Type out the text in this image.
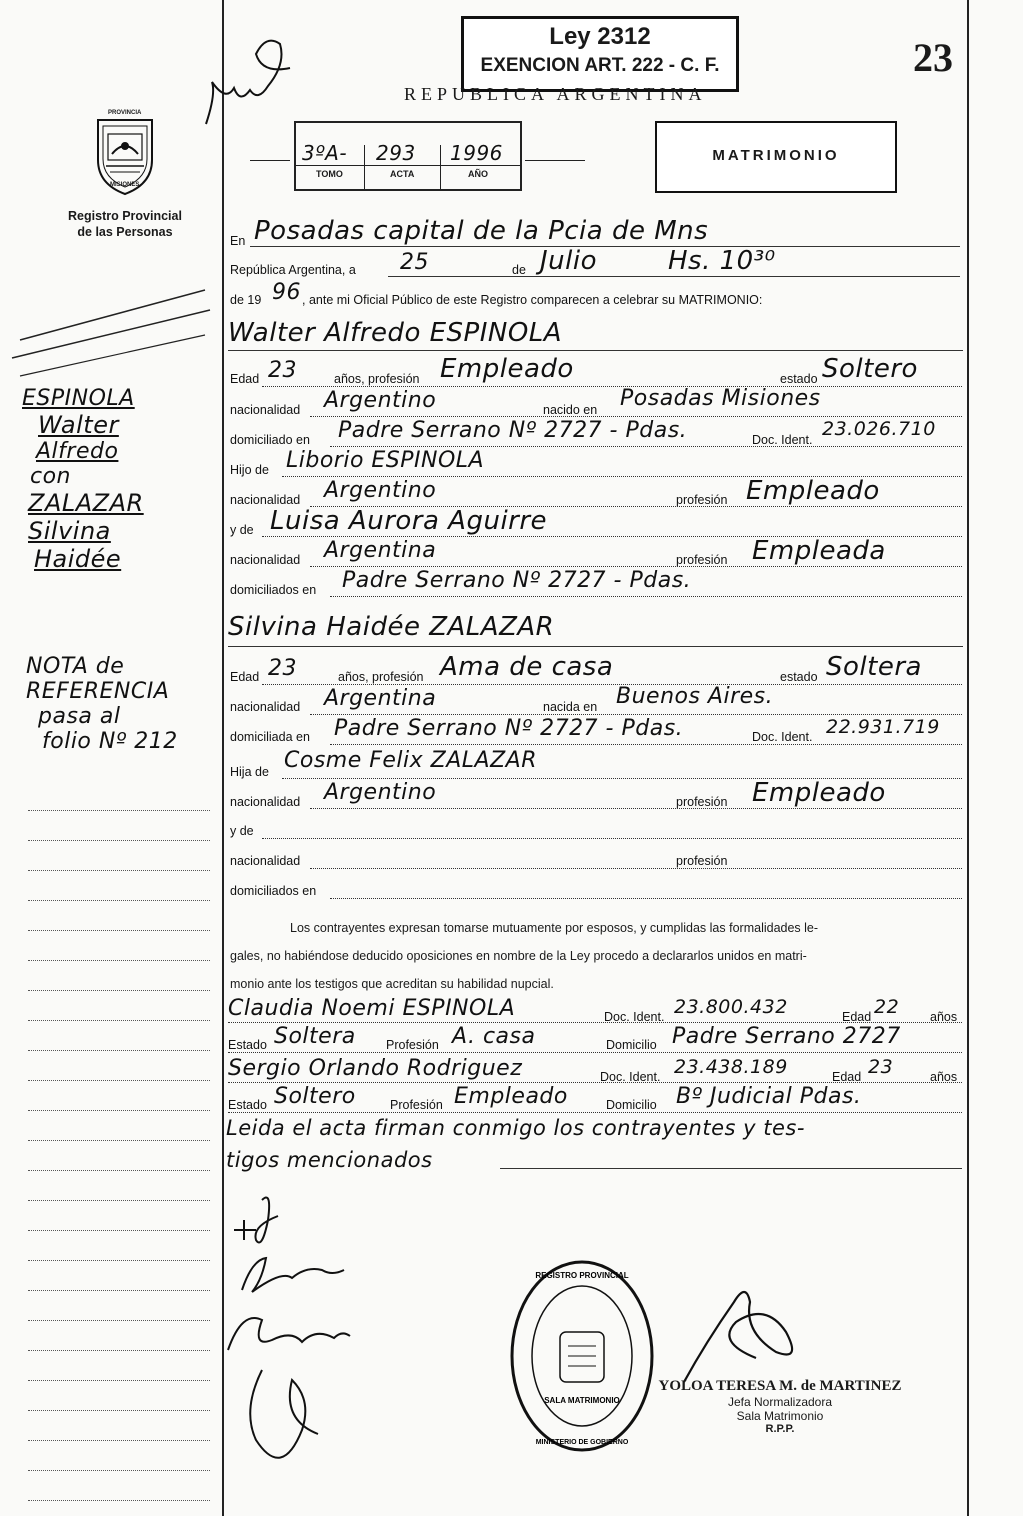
PROVINCIA
MISIONES
Registro Provincial
de las Personas
Ley 2312
EXENCION ART. 222 - C. F.
REPUBLICA ARGENTINA
23
MATRIMONIO
3ºA- 293 1996
TOMO	ACTA	AÑO
En Posadas capital de la Pcia de Mns
República Argentina, a 25	de Julio	Hs. 10³⁰
de 19 96 , ante mi Oficial Público de este Registro comparecen a celebrar su MATRIMONIO:
Walter Alfredo ESPINOLA
Edad 23	años, profesión Empleado	estado Soltero
nacionalidad Argentino	nacido en Posadas Misiones
domiciliado en Padre Serrano Nº 2727 - Pdas.	Doc. Ident. 23.026.710
Hijo de Liborio ESPINOLA
nacionalidad Argentino	profesión Empleado
y de Luisa Aurora Aguirre
nacionalidad Argentina	profesión Empleada
domiciliados en Padre Serrano Nº 2727 - Pdas.
Silvina Haidée ZALAZAR
Edad 23	años, profesión Ama de casa	estado Soltera
nacionalidad Argentina	nacida en Buenos Aires.
domiciliada en Padre Serrano Nº 2727 - Pdas.	Doc. Ident. 22.931.719
Hija de Cosme Felix ZALAZAR
nacionalidad Argentino	profesión Empleado
y de
nacionalidad	profesión
domiciliados en
Los contrayentes expresan tomarse mutuamente por esposos, y cumplidas las formalidades le-
gales, no habiéndose deducido oposiciones en nombre de la Ley procedo a declararlos unidos en matri-
monio ante los testigos que acreditan su habilidad nupcial.
Claudia Noemi ESPINOLA	Doc. Ident. 23.800.432	Edad 22 años
Estado Soltera Profesión A. casa	Domicilio Padre Serrano 2727
Sergio Orlando Rodriguez	Doc. Ident. 23.438.189	Edad 23	años
Estado Soltero	Profesión Empleado	Domicilio Bº Judicial Pdas.
Leida el acta firman conmigo los contrayentes y tes-
tigos mencionados
ESPINOLA
Walter
Alfredo
con
ZALAZAR
Silvina
Haidée
NOTA de
REFERENCIA
pasa al
folio Nº 212
REGISTRO PROVINCIAL
MINISTERIO DE GOBIERNO
SALA MATRIMONIO
YOLOA TERESA M. de MARTINEZ
Jefa Normalizadora
Sala Matrimonio
R.P.P.
